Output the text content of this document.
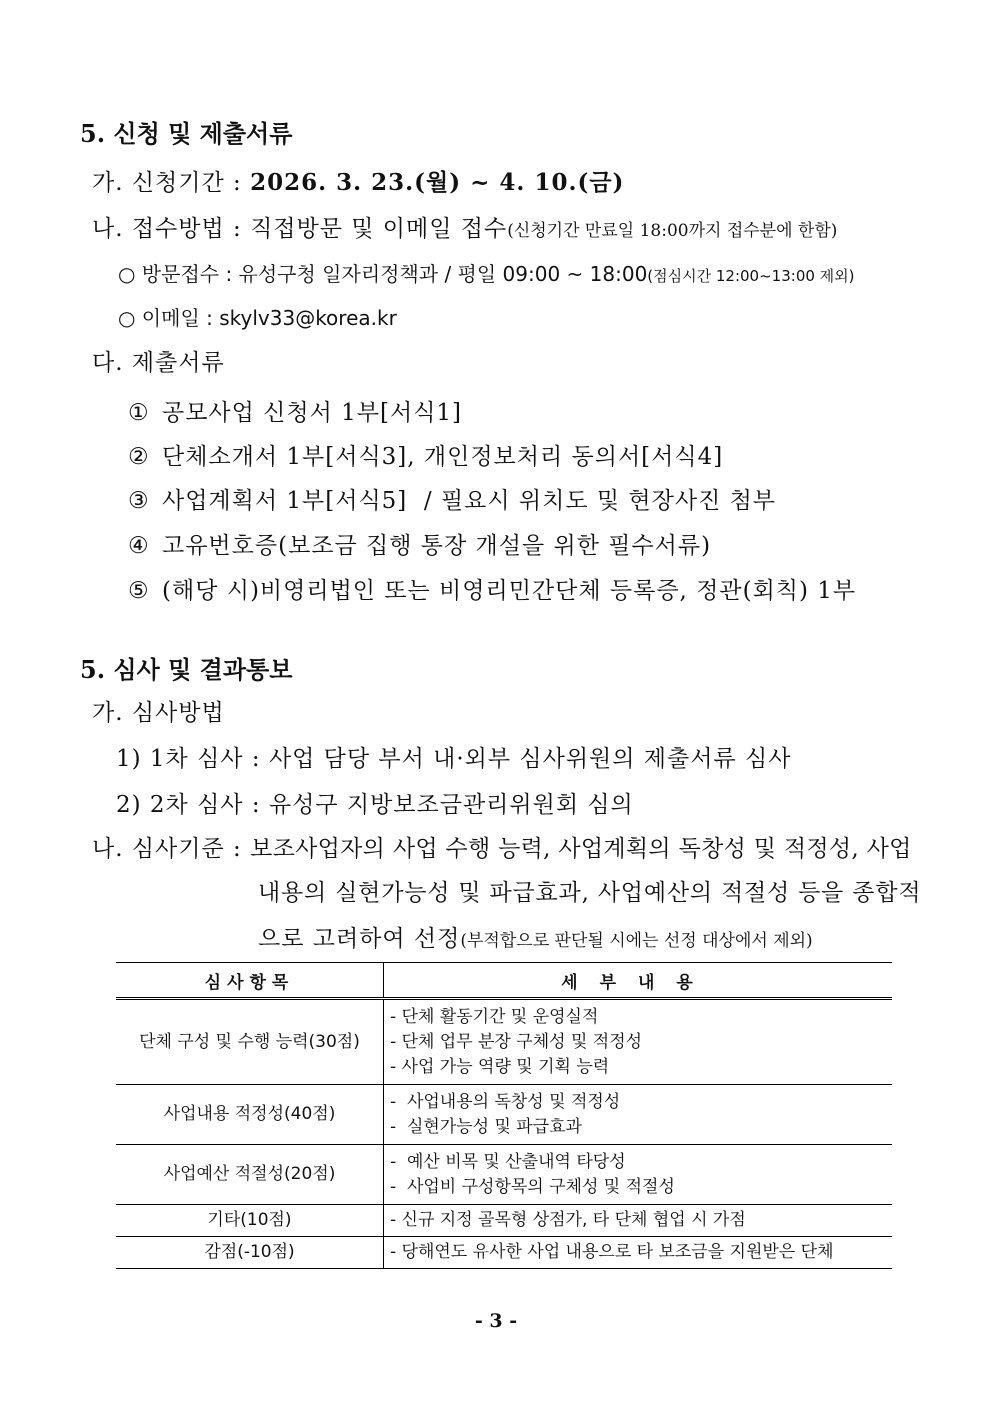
5. 신청 및 제출서류
가. 신청기간 : 2026. 3. 23.(월) ~ 4. 10.(금)
나. 접수방법 : 직접방문 및 이메일 접수(신청기간 만료일 18:00까지 접수분에 한함)
○ 방문접수 : 유성구청 일자리정책과 / 평일 09:00 ~ 18:00(점심시간 12:00~13:00 제외)
○ 이메일 : skylv33@korea.kr
다. 제출서류
① 공모사업 신청서 1부[서식1]
② 단체소개서 1부[서식3], 개인정보처리 동의서[서식4]
③ 사업계획서 1부[서식5]  / 필요시 위치도 및 현장사진 첨부
④ 고유번호증(보조금 집행 통장 개설을 위한 필수서류)
⑤ (해당 시)비영리법인 또는 비영리민간단체 등록증, 정관(회칙) 1부
5. 심사 및 결과통보
가. 심사방법
1) 1차 심사 : 사업 담당 부서 내·외부 심사위원의 제출서류 심사
2) 2차 심사 : 유성구 지방보조금관리위원회 심의
나. 심사기준 : 보조사업자의 사업 수행 능력, 사업계획의 독창성 및 적정성, 사업
내용의 실현가능성 및 파급효과, 사업예산의 적절성 등을 종합적
으로 고려하여 선정(부적합으로 판단될 시에는 선정 대상에서 제외)
심사항목	세부내용
단체 구성 및 수행 능력(30점)	- 단체 활동기간 및 운영실적
- 단체 업무 분장 구체성 및 적정성
- 사업 가능 역량 및 기획 능력

사업내용 적정성(40점)	-  사업내용의 독창성 및 적정성
-  실현가능성 및 파급효과

사업예산 적절성(20점)	-  예산 비목 및 산출내역 타당성
-  사업비 구성항목의 구체성 및 적절성

기타(10점)	- 신규 지정 골목형 상점가, 타 단체 협업 시 가점

감점(-10점)	- 당해연도 유사한 사업 내용으로 타 보조금을 지원받은 단체
- 3 -
